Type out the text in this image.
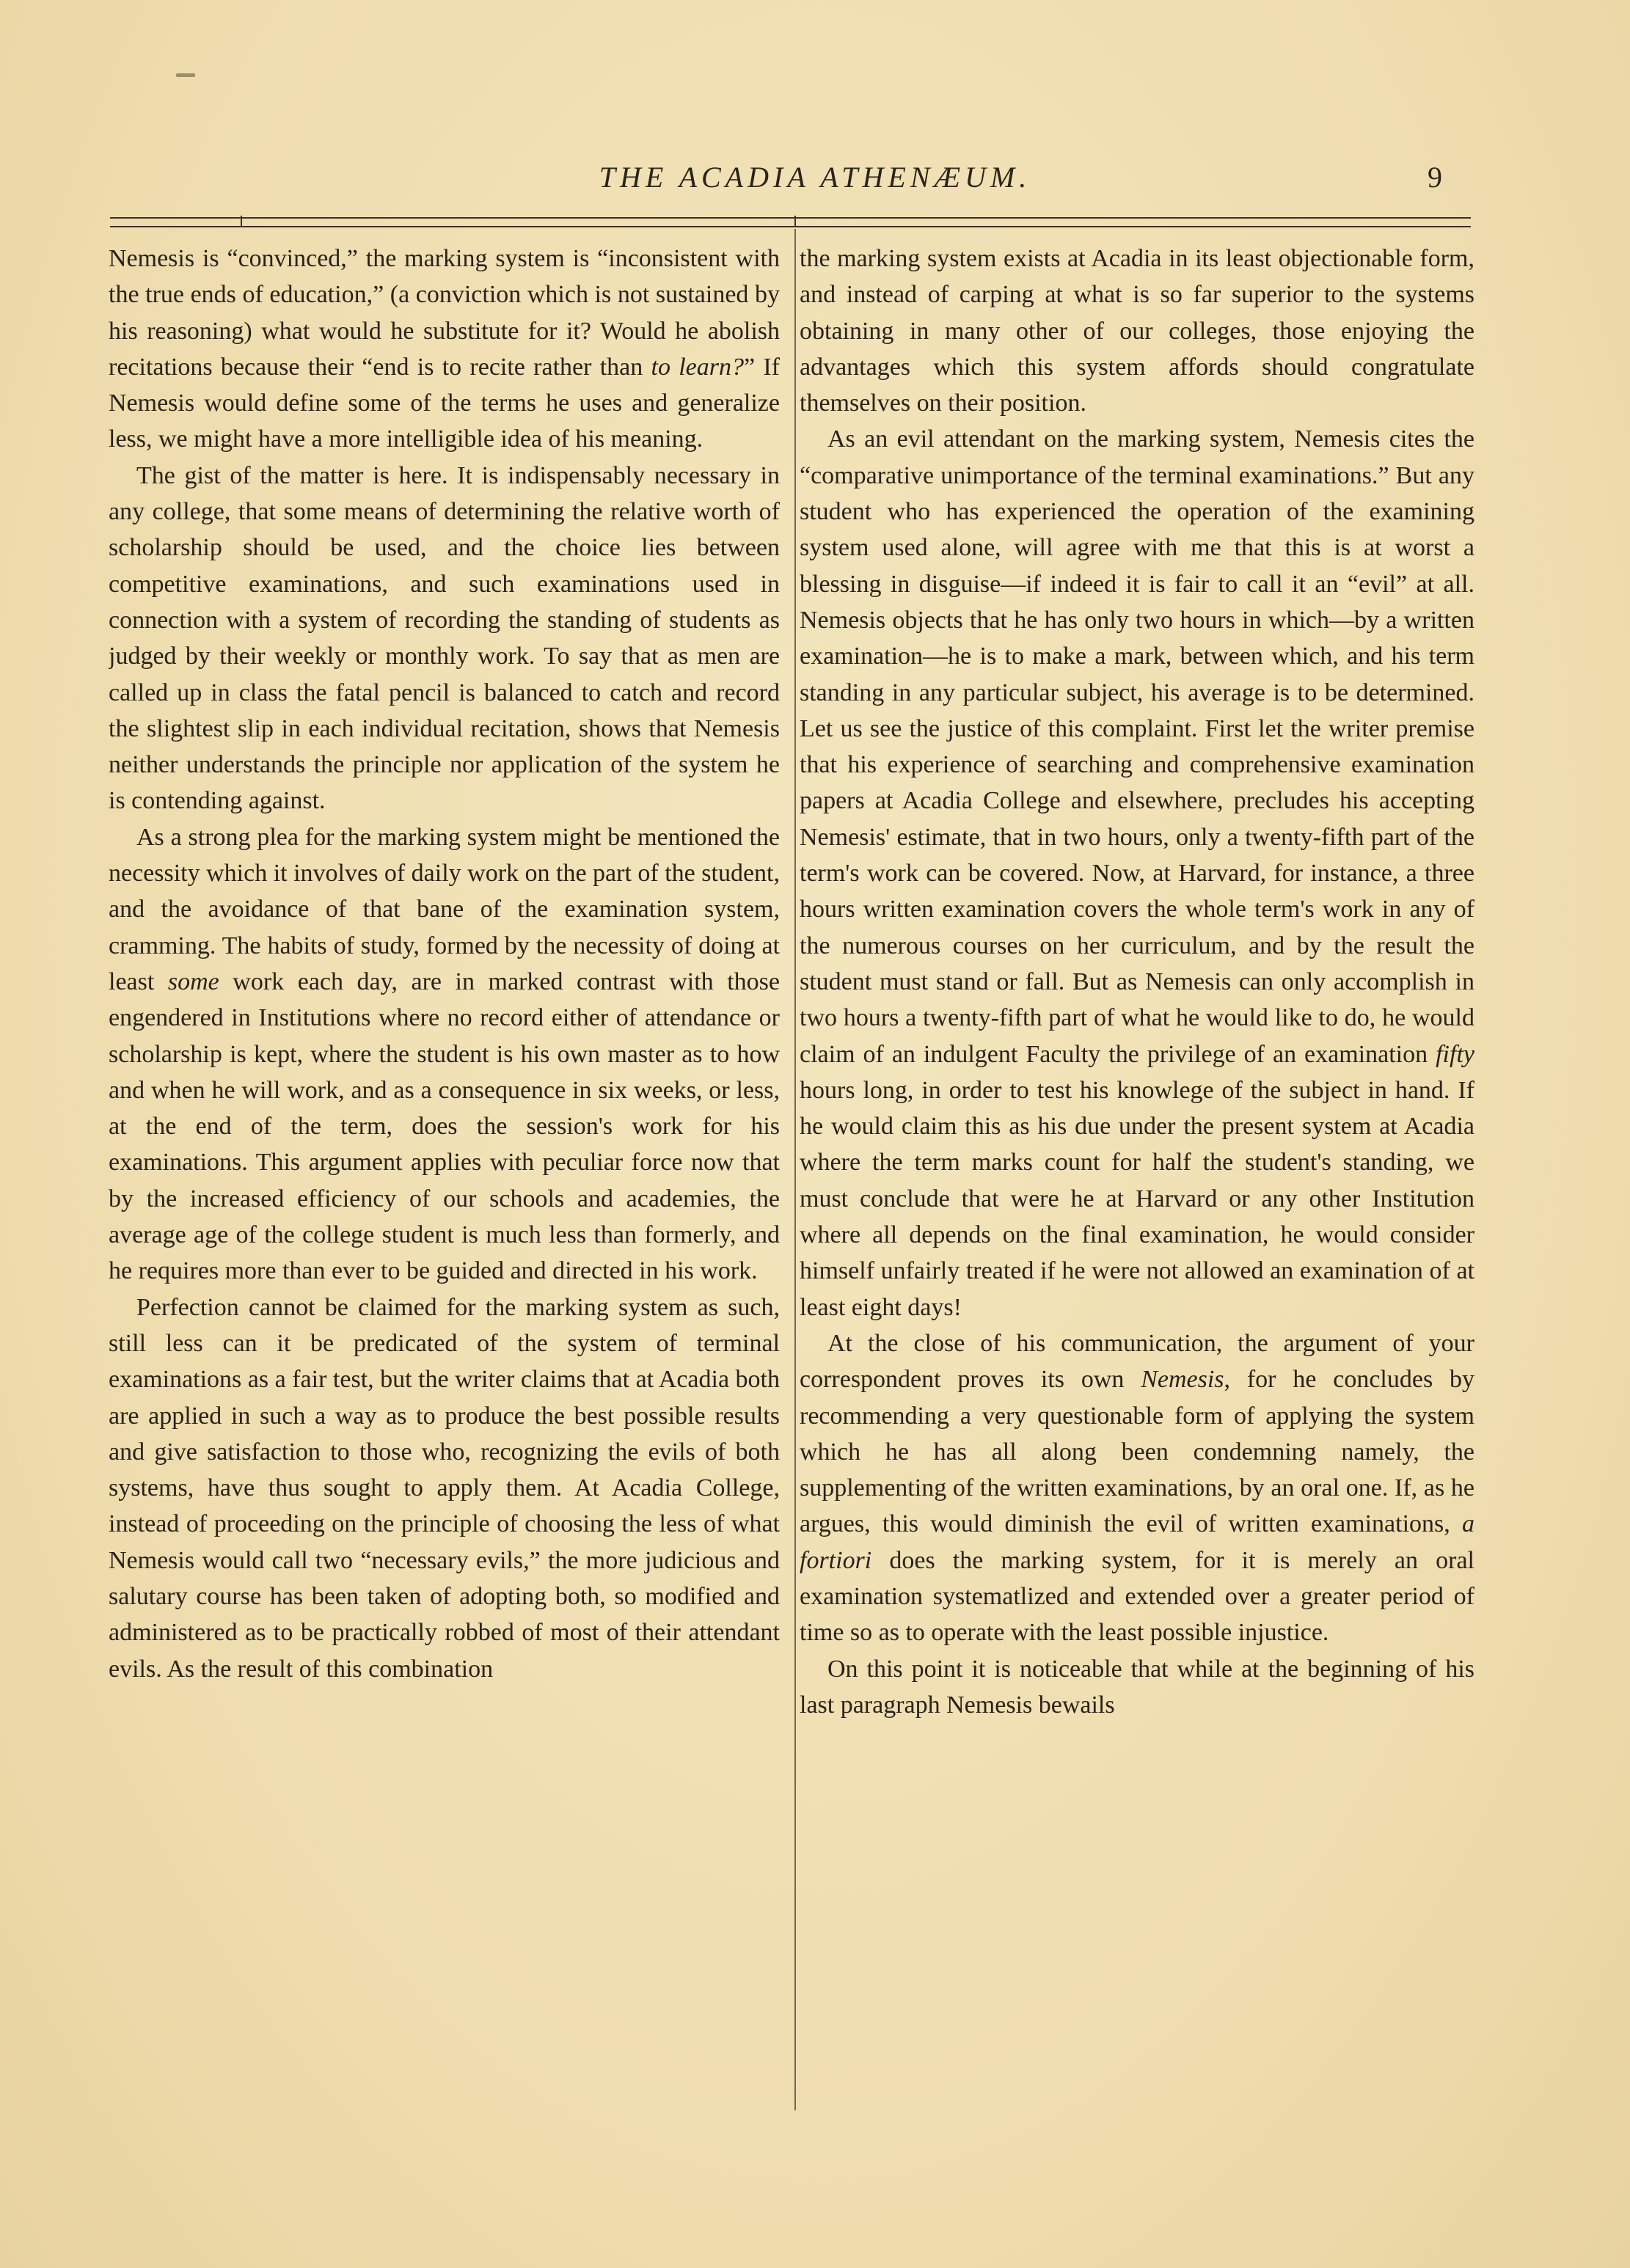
THE ACADIA ATHENÆUM.	9

Nemesis is “convinced,” the marking system is “inconsistent with the true ends of education,” (a conviction which is not sustained by his reasoning) what would he substitute for it? Would he abolish recitations because their “end is to recite rather than to learn?” If Nemesis would define some of the terms he uses and generalize less, we might have a more intelligible idea of his meaning.

The gist of the matter is here. It is indispensably necessary in any college, that some means of determining the relative worth of scholarship should be used, and the choice lies between competitive examinations, and such examinations used in connection with a system of recording the standing of students as judged by their weekly or monthly work. To say that as men are called up in class the fatal pencil is balanced to catch and record the slightest slip in each individual recitation, shows that Nemesis neither understands the principle nor application of the system he is contending against.

As a strong plea for the marking system might be mentioned the necessity which it involves of daily work on the part of the student, and the avoidance of that bane of the examination system, cramming. The habits of study, formed by the necessity of doing at least some work each day, are in marked contrast with those engendered in Institutions where no record either of attendance or scholarship is kept, where the student is his own master as to how and when he will work, and as a consequence in six weeks, or less, at the end of the term, does the session's work for his examinations. This argument applies with peculiar force now that by the increased efficiency of our schools and academies, the average age of the college student is much less than formerly, and he requires more than ever to be guided and directed in his work.

Perfection cannot be claimed for the marking system as such, still less can it be predicated of the system of terminal examinations as a fair test, but the writer claims that at Acadia both are applied in such a way as to produce the best possible results and give satisfaction to those who, recognizing the evils of both systems, have thus sought to apply them. At Acadia College, instead of proceeding on the principle of choosing the less of what Nemesis would call two “necessary evils,” the more judicious and salutary course has been taken of adopting both, so modified and administered as to be practically robbed of most of their attendant evils. As the result of this combination

the marking system exists at Acadia in its least objectionable form, and instead of carping at what is so far superior to the systems obtaining in many other of our colleges, those enjoying the advantages which this system affords should congratulate themselves on their position.

As an evil attendant on the marking system, Nemesis cites the “comparative unimportance of the terminal examinations.” But any student who has experienced the operation of the examining system used alone, will agree with me that this is at worst a blessing in disguise—if indeed it is fair to call it an “evil” at all. Nemesis objects that he has only two hours in which—by a written examination—he is to make a mark, between which, and his term standing in any particular subject, his average is to be determined. Let us see the justice of this complaint. First let the writer premise that his experience of searching and comprehensive examination papers at Acadia College and elsewhere, precludes his accepting Nemesis' estimate, that in two hours, only a twenty-fifth part of the term's work can be covered. Now, at Harvard, for instance, a three hours written examination covers the whole term's work in any of the numerous courses on her curriculum, and by the result the student must stand or fall. But as Nemesis can only accomplish in two hours a twenty-fifth part of what he would like to do, he would claim of an indulgent Faculty the privilege of an examination fifty hours long, in order to test his knowlege of the subject in hand. If he would claim this as his due under the present system at Acadia where the term marks count for half the student's standing, we must conclude that were he at Harvard or any other Institution where all depends on the final examination, he would consider himself unfairly treated if he were not allowed an examination of at least eight days!

At the close of his communication, the argument of your correspondent proves its own Nemesis, for he concludes by recommending a very questionable form of applying the system which he has all along been condemning namely, the supplementing of the written examinations, by an oral one. If, as he argues, this would diminish the evil of written examinations, a fortiori does the marking system, for it is merely an oral examination systematlized and extended over a greater period of time so as to operate with the least possible injustice.

On this point it is noticeable that while at the beginning of his last paragraph Nemesis bewails
